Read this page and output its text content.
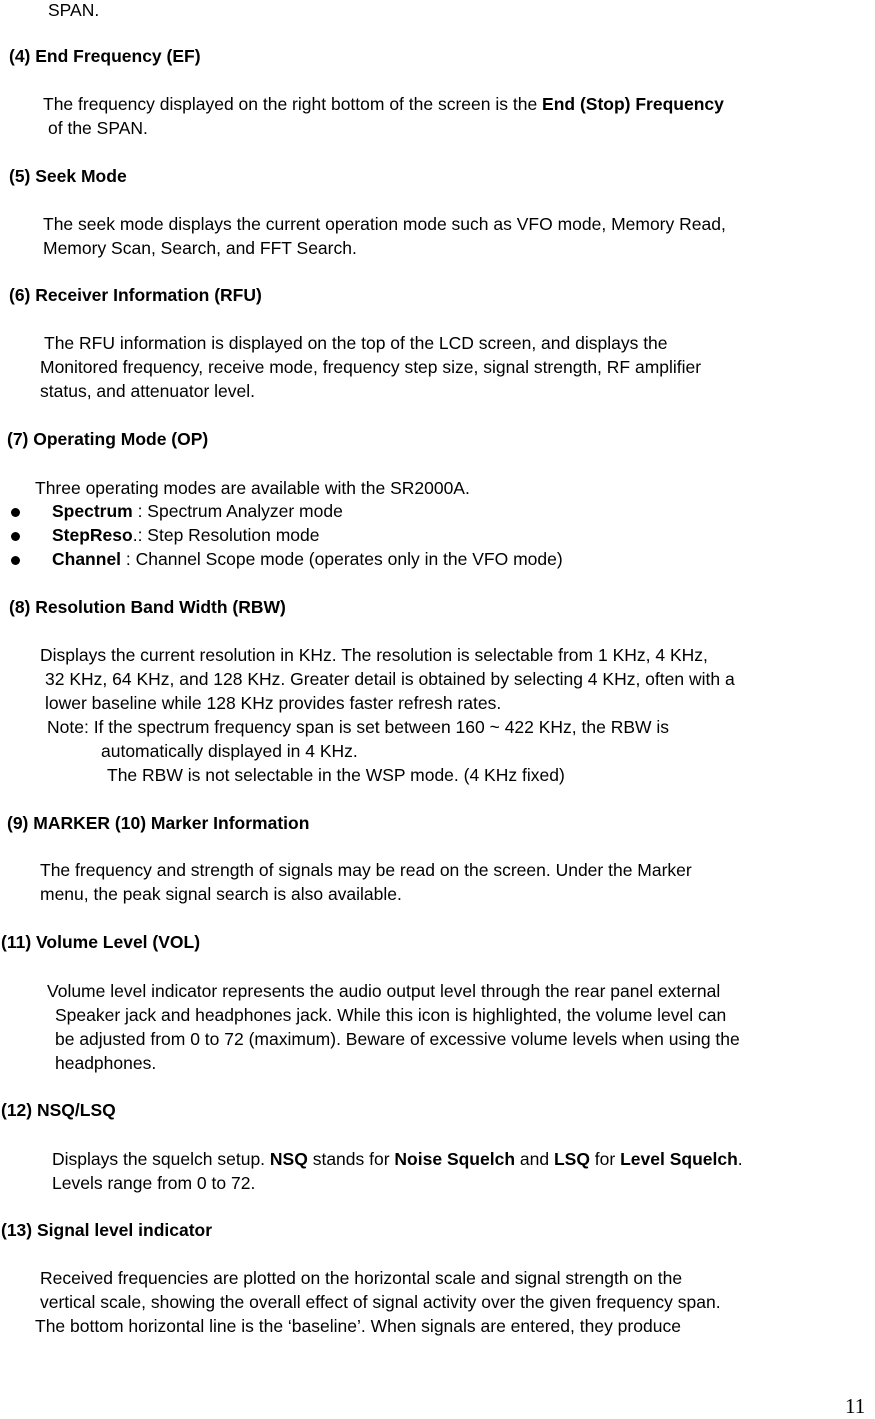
SPAN.
(4) End Frequency (EF)
The frequency displayed on the right bottom of the screen is the End (Stop) Frequency
of the SPAN.
(5) Seek Mode
The seek mode displays the current operation mode such as VFO mode, Memory Read,
Memory Scan, Search, and FFT Search.
(6) Receiver Information (RFU)
The RFU information is displayed on the top of the LCD screen, and displays the
Monitored frequency, receive mode, frequency step size, signal strength, RF amplifier
status, and attenuator level.
(7) Operating Mode (OP)
Three operating modes are available with the SR2000A.
Spectrum : Spectrum Analyzer mode
StepReso.: Step Resolution mode
Channel : Channel Scope mode (operates only in the VFO mode)
(8) Resolution Band Width (RBW)
Displays the current resolution in KHz. The resolution is selectable from 1 KHz, 4 KHz,
32 KHz, 64 KHz, and 128 KHz. Greater detail is obtained by selecting 4 KHz, often with a
lower baseline while 128 KHz provides faster refresh rates.
Note: If the spectrum frequency span is set between 160 ~ 422 KHz, the RBW is
automatically displayed in 4 KHz.
The RBW is not selectable in the WSP mode. (4 KHz fixed)
(9) MARKER (10) Marker Information
The frequency and strength of signals may be read on the screen. Under the Marker
menu, the peak signal search is also available.
(11) Volume Level (VOL)
Volume level indicator represents the audio output level through the rear panel external
Speaker jack and headphones jack. While this icon is highlighted, the volume level can
be adjusted from 0 to 72 (maximum). Beware of excessive volume levels when using the
headphones.
(12) NSQ/LSQ
Displays the squelch setup. NSQ stands for Noise Squelch and LSQ for Level Squelch.
Levels range from 0 to 72.
(13) Signal level indicator
Received frequencies are plotted on the horizontal scale and signal strength on the
vertical scale, showing the overall effect of signal activity over the given frequency span.
The bottom horizontal line is the ‘baseline’. When signals are entered, they produce
11
